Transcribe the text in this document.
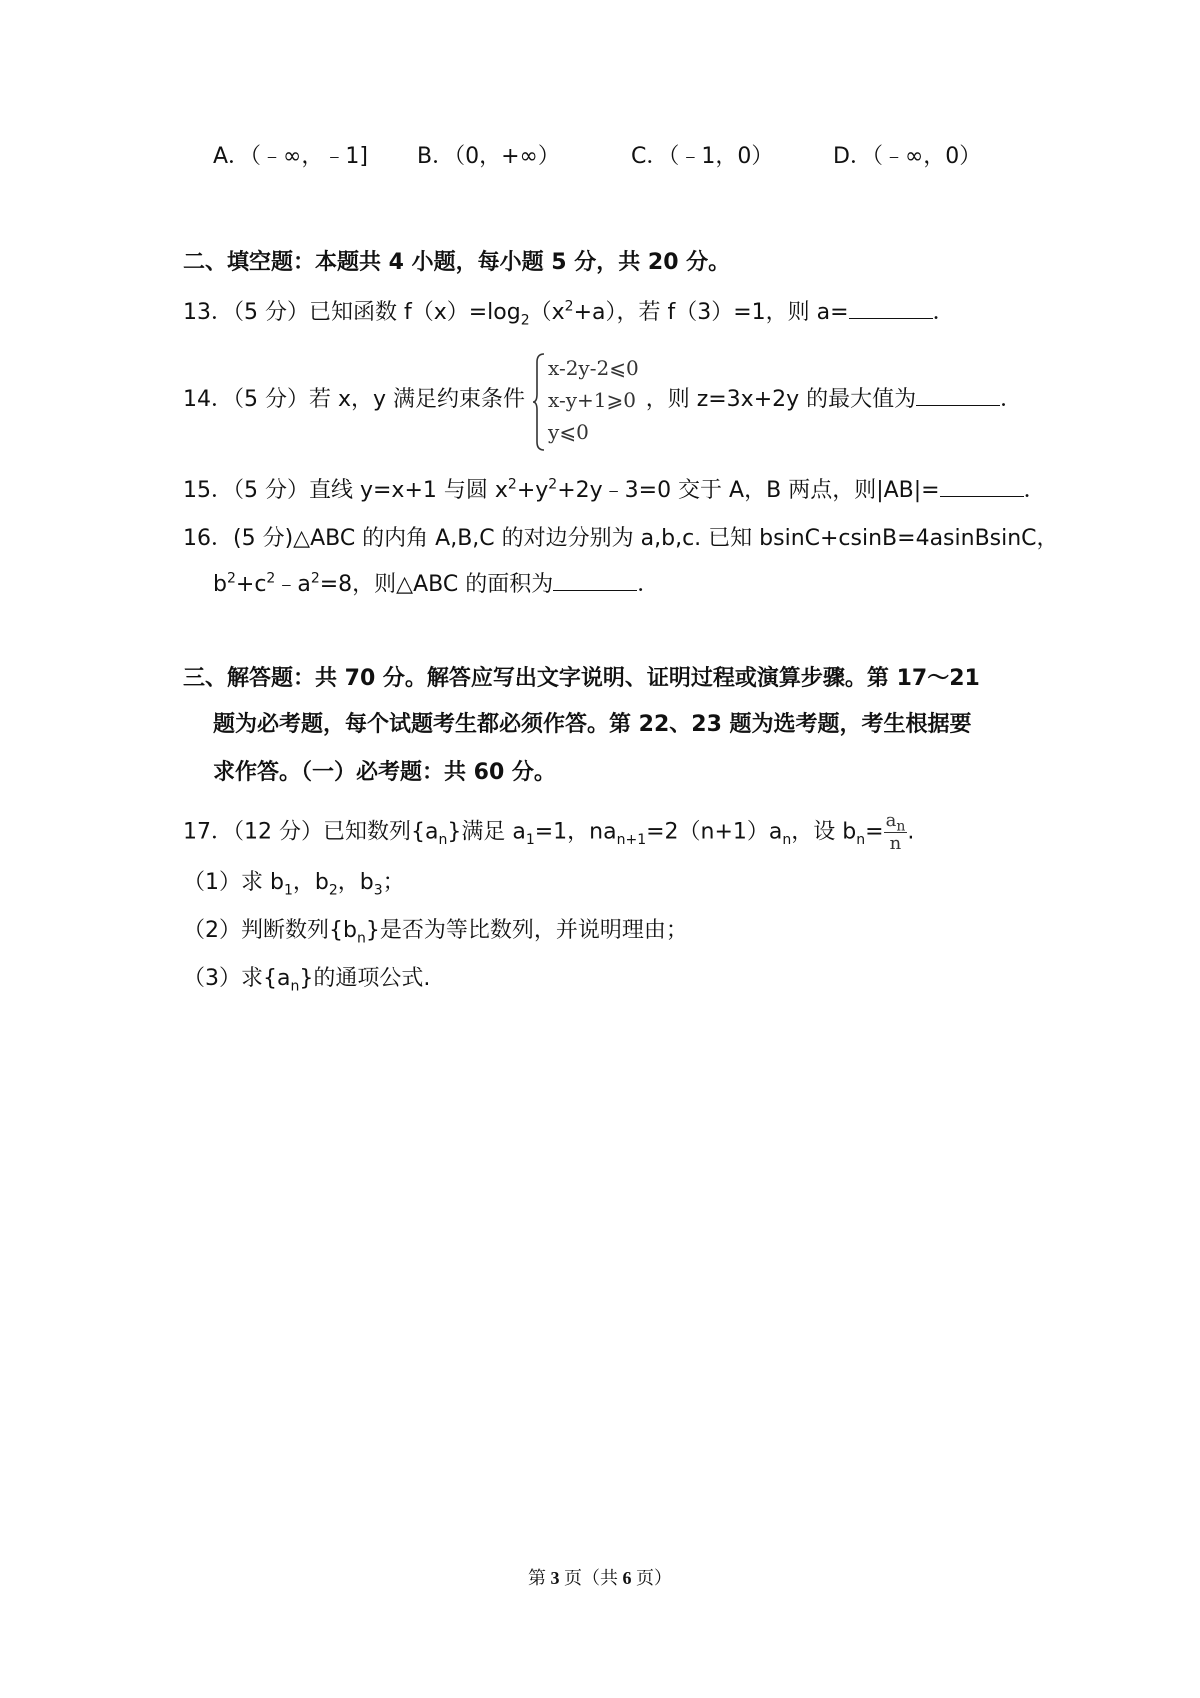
A．（﹣∞，﹣1] B．（0，+∞）	C．（﹣1，0）	D．（﹣∞，0）
二、填空题：本题共 4 小题，每小题 5 分，共 20 分。
13．（5 分）已知函数 $f(x)=\log_2(x^2+a)$，若 f（3）=1，则 a=	．
14．（5 分）若 x，y 满足约束条件
x-2y-2⩽0
x-y+1⩾0
y⩽0
，则 z=3x+2y 的最大值为	．
15．（5 分）直线 y=x+1 与圆 $x^2+y^2+2y﹣3=0$ 交于 A，B 两点，则|AB|=	．
16．(5 分)△ABC 的内角 A,B,C 的对边分别为 a,b,c. 已知 bsinC+csinB=4asinBsinC，
$b^2+c^2﹣a^2=8$，则△ABC 的面积为	．
三、解答题：共 70 分。解答应写出文字说明、证明过程或演算步骤。第 17～21
题为必考题，每个试题考生都必须作答。第 22、23 题为选考题，考生根据要
求作答。（一）必考题：共 60 分。
17．（12 分）已知数列$\{a_n\}$满足 $a_1=1$，$na_{n+1}=2(n+1)a_n$，设 $b_n= \frac{a_n}{n}$ .
（1）求 $b_1$，$b_2$，$b_3$；
（2）判断数列$\{b_n\}$是否为等比数列，并说明理由；
（3）求$\{a_n\}$的通项公式.
第 3 页（共 6 页）
